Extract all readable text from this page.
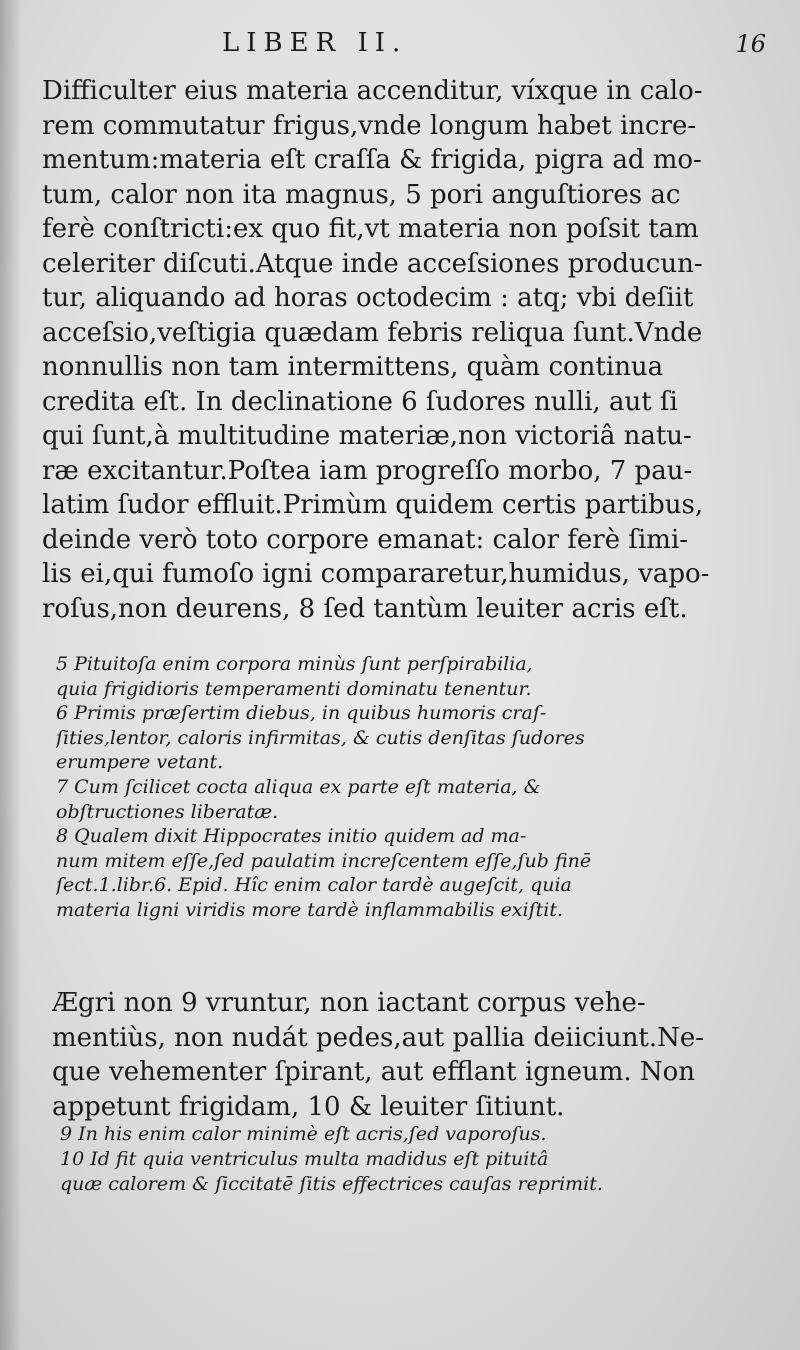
LIBER II.	16
Difficulter eius materia accenditur, víxque in calo-
rem commutatur frigus,vnde longum habet incre-
mentum:materia eſt craſſa & frigida, pigra ad mo-
tum, calor non ita magnus, 5 pori anguſtiores ac
ferè conſtricti:ex quo fit,vt materia non poſsit tam
celeriter diſcuti.Atque inde acceſsiones producun-
tur, aliquando ad horas octodecim : atq; vbi deſiit
acceſsio,veſtigia quædam febris reliqua ſunt.Vnde
nonnullis non tam intermittens, quàm continua
credita eſt. In declinatione 6 ſudores nulli, aut ſi
qui ſunt,à multitudine materiæ,non victoriâ natu-
ræ excitantur.Poſtea iam progreſſo morbo, 7 pau-
latim ſudor effluit.Primùm quidem certis partibus,
deinde verò toto corpore emanat: calor ferè ſimi-
lis ei,qui fumoſo igni compararetur,humidus, vapo-
roſus,non deurens, 8 ſed tantùm leuiter acris eſt.
5 Pituitoſa enim corpora minùs ſunt perſpirabilia,
quia frigidioris temperamenti dominatu tenentur.
6 Primis præſertim diebus, in quibus humoris craſ-
ſities,lentor, caloris infirmitas, & cutis denſitas ſudores
erumpere vetant.
7 Cum ſcilicet cocta aliqua ex parte eſt materia, &
obſtructiones liberatæ.
8 Qualem dixit Hippocrates initio quidem ad ma-
num mitem eſſe,ſed paulatim increſcentem eſſe,ſub finē
ſect.1.libr.6. Epid. Hîc enim calor tardè augeſcit, quia
materia ligni viridis more tardè inflammabilis exiſtit.
Ægri non 9 vruntur, non iactant corpus vehe-
mentiùs, non nudát pedes,aut pallia deiiciunt.Ne-
que vehementer ſpirant, aut efflant igneum. Non
appetunt frigidam, 10 & leuiter ſitiunt.
9 In his enim calor minimè eſt acris,ſed vaporoſus.
10 Id fit quia ventriculus multa madidus eſt pituitâ
quæ calorem & ſiccitatē ſitis effectrices cauſas reprimit.
